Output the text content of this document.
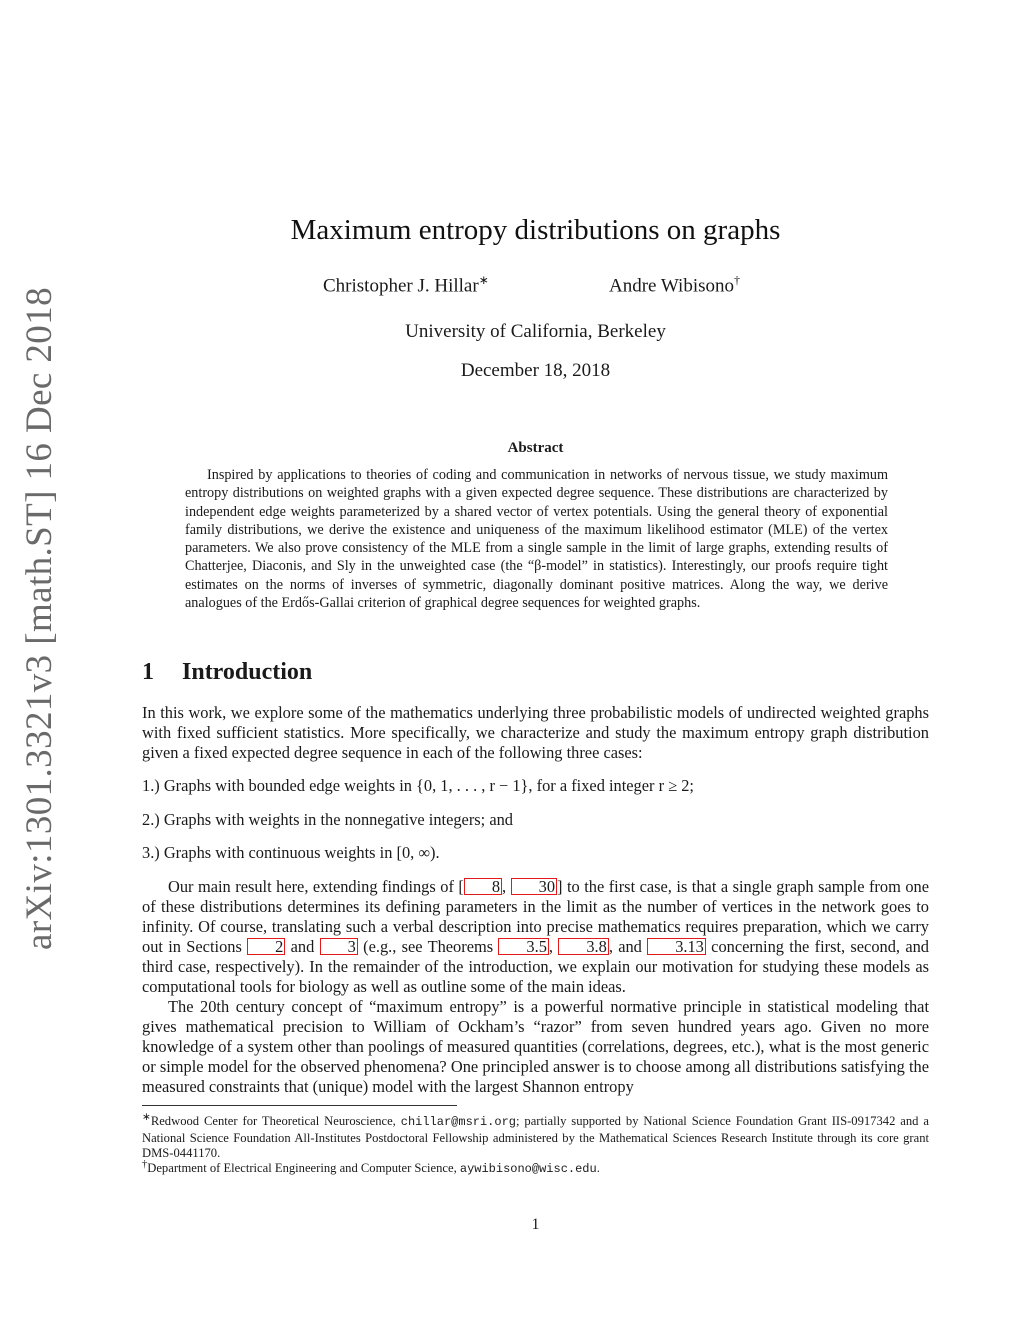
arXiv:1301.3321v3 [math.ST] 16 Dec 2018
Maximum entropy distributions on graphs
Christopher J. Hillar∗	Andre Wibisono†
University of California, Berkeley
December 18, 2018
Abstract
Inspired by applications to theories of coding and communication in networks of nervous tissue, we study maximum entropy distributions on weighted graphs with a given expected degree sequence. These distributions are characterized by independent edge weights parameterized by a shared vector of vertex potentials. Using the general theory of exponential family distributions, we derive the existence and uniqueness of the maximum likelihood estimator (MLE) of the vertex parameters. We also prove consistency of the MLE from a single sample in the limit of large graphs, extending results of Chatterjee, Diaconis, and Sly in the unweighted case (the “β-model” in statistics). Interestingly, our proofs require tight estimates on the norms of inverses of symmetric, diagonally dominant positive matrices. Along the way, we derive analogues of the Erdős-Gallai criterion of graphical degree sequences for weighted graphs.
1 Introduction
In this work, we explore some of the mathematics underlying three probabilistic models of undirected weighted graphs with fixed sufficient statistics. More specifically, we characterize and study the maximum entropy graph distribution given a fixed expected degree sequence in each of the following three cases:
1.) Graphs with bounded edge weights in {0, 1, . . . , r − 1}, for a fixed integer r ≥ 2;
2.) Graphs with weights in the nonnegative integers; and
3.) Graphs with continuous weights in [0, ∞).
Our main result here, extending findings of [ 8 , 30 ] to the first case, is that a single graph sample from one of these distributions determines its defining parameters in the limit as the number of vertices in the network goes to infinity. Of course, translating such a verbal description into precise mathematics requires preparation, which we carry out in Sections 2 and 3 (e.g., see Theorems 3.5 , 3.8 , and 3.13 concerning the first, second, and third case, respectively). In the remainder of the introduction, we explain our motivation for studying these models as computational tools for biology as well as outline some of the main ideas.
The 20th century concept of “maximum entropy” is a powerful normative principle in statistical modeling that gives mathematical precision to William of Ockham’s “razor” from seven hundred years ago. Given no more knowledge of a system other than poolings of measured quantities (correlations, degrees, etc.), what is the most generic or simple model for the observed phenomena? One principled answer is to choose among all distributions satisfying the measured constraints that (unique) model with the largest Shannon entropy
∗Redwood Center for Theoretical Neuroscience, chillar@msri.org; partially supported by National Science Foundation Grant IIS-0917342 and a National Science Foundation All-Institutes Postdoctoral Fellowship administered by the Mathematical Sciences Research Institute through its core grant DMS-0441170.
†Department of Electrical Engineering and Computer Science, aywibisono@wisc.edu.
1
